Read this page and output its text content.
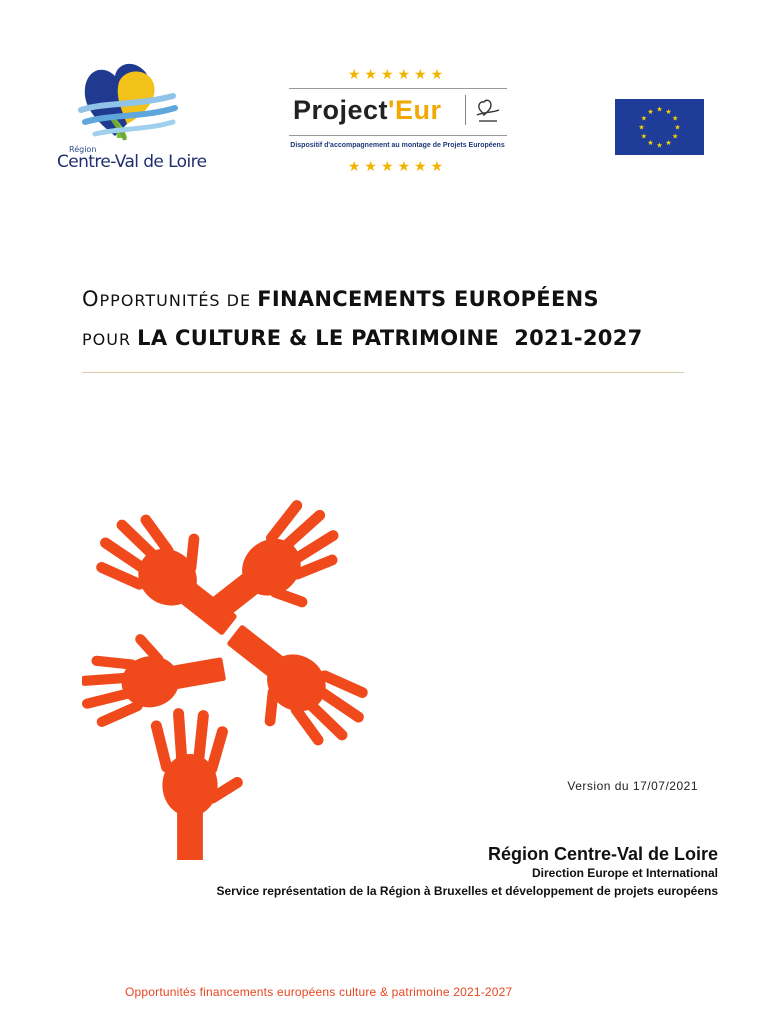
Région
Centre-Val de Loire
★★★★★★
Project'Eur
Dispositif d'accompagnement au montage de Projets Européens
★★★★★★
★ ★
★
★
★
★
★
★
★
★
★
★
OPPORTUNITÉS DE FINANCEMENTS EUROPÉENS
POUR LA CULTURE & LE PATRIMOINE  2021-2027
Version du 17/07/2021
Région Centre-Val de Loire
Direction Europe et International
Service représentation de la Région à Bruxelles et développement de projets européens
Opportunités financements européens culture & patrimoine 2021-2027
